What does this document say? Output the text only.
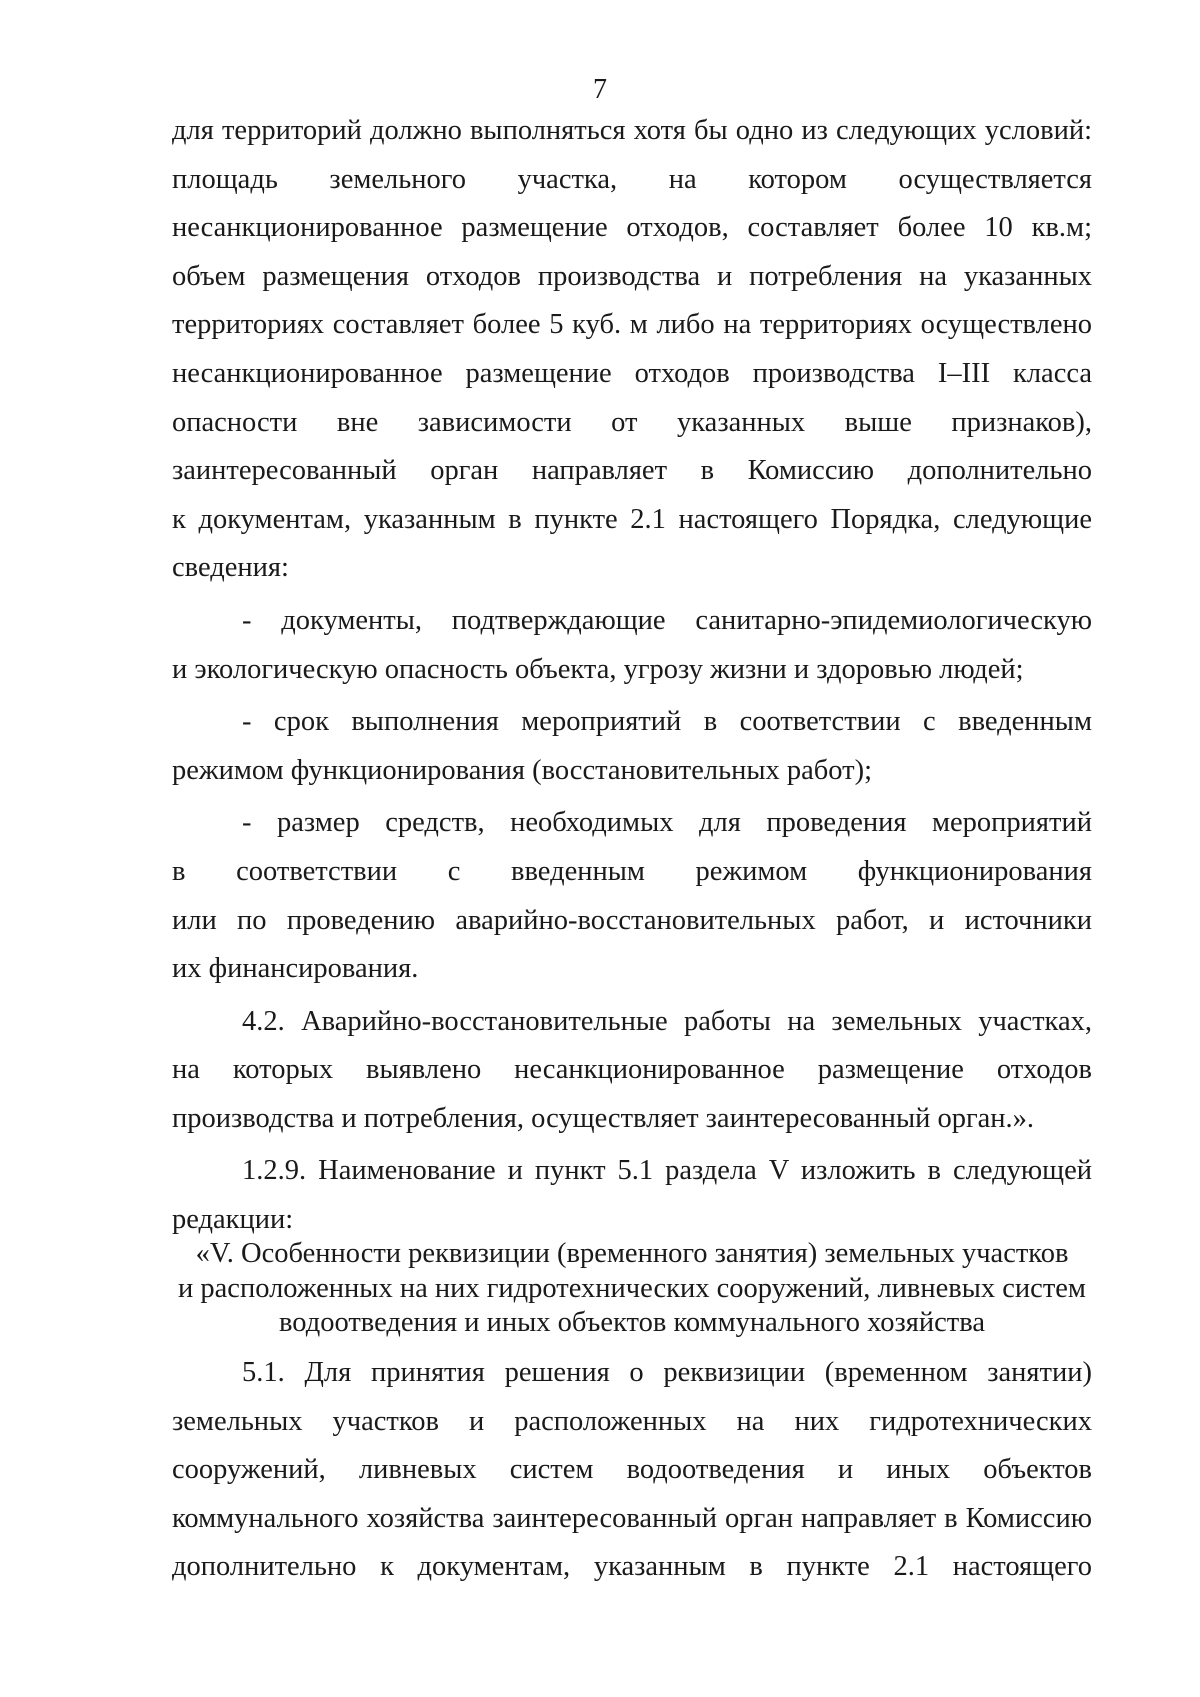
7
для территорий должно выполняться хотя бы одно из следующих условий:
площадь земельного участка, на котором осуществляется
несанкционированное размещение отходов, составляет более 10 кв.м;
объем размещения отходов производства и потребления на указанных
территориях составляет более 5 куб. м либо на территориях осуществлено
несанкционированное размещение отходов производства I–III класса
опасности вне зависимости от указанных выше признаков),
заинтересованный орган направляет в Комиссию дополнительно
к документам, указанным в пункте 2.1 настоящего Порядка, следующие
сведения:
- документы, подтверждающие санитарно-эпидемиологическую
и экологическую опасность объекта, угрозу жизни и здоровью людей;
- срок выполнения мероприятий в соответствии с введенным
режимом функционирования (восстановительных работ);
- размер средств, необходимых для проведения мероприятий
в соответствии с введенным режимом функционирования
или по проведению аварийно-восстановительных работ, и источники
их финансирования.
4.2. Аварийно-восстановительные работы на земельных участках,
на которых выявлено несанкционированное размещение отходов
производства и потребления, осуществляет заинтересованный орган.».
1.2.9. Наименование и пункт 5.1 раздела V изложить в следующей
редакции:
«V. Особенности реквизиции (временного занятия) земельных участков
и расположенных на них гидротехнических сооружений, ливневых систем
водоотведения и иных объектов коммунального хозяйства
5.1. Для принятия решения о реквизиции (временном занятии)
земельных участков и расположенных на них гидротехнических
сооружений, ливневых систем водоотведения и иных объектов
коммунального хозяйства заинтересованный орган направляет в Комиссию
дополнительно к документам, указанным в пункте 2.1 настоящего
